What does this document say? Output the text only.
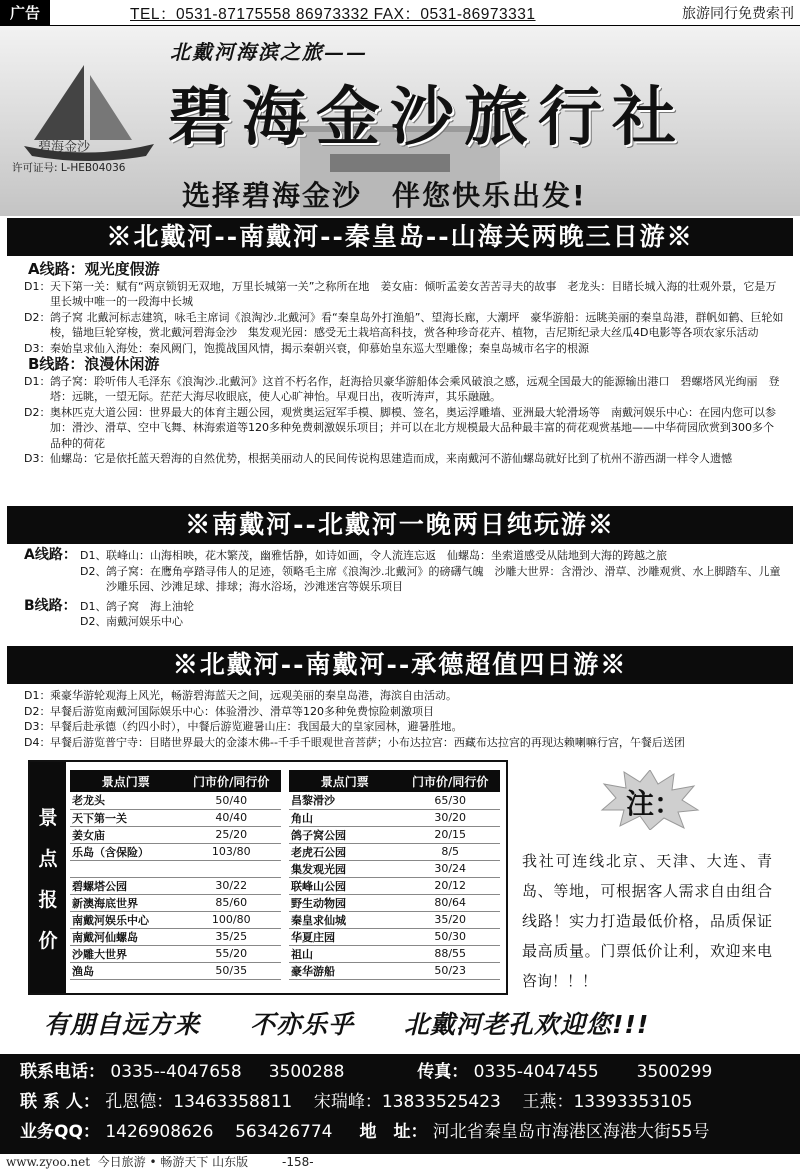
广告	TEL：0531-87175558 86973332 FAX：0531-86973331	旅游同行免费索刊
碧海金沙
许可证号: L-HEB04036
北戴河海滨之旅——
碧海金沙旅行社
选择碧海金沙　伴您快乐出发!
※北戴河--南戴河--秦皇岛--山海关两晚三日游※
A线路：观光度假游
D1： 天下第一关：赋有“两京锁钥无双地，万里长城第一关”之称所在地　姜女庙：倾听孟姜女苦苦寻夫的故事　老龙头：目睹长城入海的壮观外景，它是万里长城中唯一的一段海中长城
D2： 鸽子窝 北戴河标志建筑，咏毛主席词《浪淘沙.北戴河》看“秦皇岛外打渔船”、望海长廊，大潮坪　豪华游船：远眺美丽的秦皇岛港，群帆如鹤、巨轮如梭，锚地巨轮穿梭，赏北戴河碧海金沙　集发观光园：感受无土栽培高科技，赏各种珍奇花卉、植物，吉尼斯纪录大丝瓜4D电影等各项农家乐活动
D3： 秦始皇求仙入海处：秦风阙门，饱揽战国风情，揭示秦朝兴衰，仰慕始皇东巡大型雕像；秦皇岛城市名字的根源
B线路：浪漫休闲游
D1： 鸽子窝：聆听伟人毛泽东《浪淘沙.北戴河》这首不朽名作，赶海拾贝豪华游船体会乘风破浪之感，远观全国最大的能源输出港口　碧螺塔风光绚丽　登塔：远眺，一望无际。茫茫大海尽收眼底，使人心旷神怡。早观日出，夜听涛声，其乐融融。
D2： 奥林匹克大道公园：世界最大的体育主题公园，观赏奥运冠军手模、脚模、签名，奥运浮雕墙、亚洲最大轮滑场等　南戴河娱乐中心：在园内您可以参加：滑沙、滑草、空中飞舞、林海索道等120多种免费刺激娱乐项目；并可以在北方规模最大品种最丰富的荷花观赏基地——中华荷园欣赏到300多个品种的荷花
D3： 仙螺岛：它是依托蓝天碧海的自然优势，根据美丽动人的民间传说构思建造而成，来南戴河不游仙螺岛就好比到了杭州不游西湖一样令人遗憾
※南戴河--北戴河一晚两日纯玩游※
A线路： D1、 联峰山：山海相映，花木繁茂，幽雅恬静，如诗如画，令人流连忘返　仙螺岛：坐索道感受从陆地到大海的跨越之旅
D2、 鸽子窝：在鹰角亭踏寻伟人的足迹，领略毛主席《浪淘沙.北戴河》的磅礴气魄　沙雕大世界：含滑沙、滑草、沙雕观赏、水上脚踏车、儿童沙雕乐园、沙滩足球、排球；海水浴场，沙滩迷宫等娱乐项目
B线路： D1、 鸽子窝　海上油轮
D2、 南戴河娱乐中心
※北戴河--南戴河--承德超值四日游※
D1： 乘豪华游轮观海上风光，畅游碧海蓝天之间，远观美丽的秦皇岛港，海滨自由活动。
D2： 早餐后游览南戴河国际娱乐中心：体验滑沙、滑草等120多种免费惊险刺激项目
D3： 早餐后赴承德（约四小时），中餐后游览避暑山庄：我国最大的皇家园林，避暑胜地。
D4： 早餐后游览普宁寺：目睹世界最大的金漆木佛--千手千眼观世音菩萨；小布达拉宫：西藏布达拉宫的再现达赖喇嘛行宫，午餐后送团
景
点
报
价
景点门票	门市价/同行价		景点门票	门市价/同行价
老龙头	50/40		昌黎滑沙	65/30
天下第一关	40/40		角山	30/20
姜女庙	25/20		鸽子窝公园	20/15
乐岛（含保险）	103/80		老虎石公园	8/5
			集发观光园	30/24
碧螺塔公园	30/22		联峰山公园	20/12
新澳海底世界	85/60		野生动物园	80/64
南戴河娱乐中心	100/80		秦皇求仙城	35/20
南戴河仙螺岛	35/25		华夏庄园	50/30
沙雕大世界	55/20		祖山	88/55
渔岛	50/35		豪华游船	50/23
注：
我社可连线北京、天津、大连、青岛、等地，可根据客人需求自由组合线路！实力打造最低价格，品质保证最高质量。门票低价让利，欢迎来电咨询！！！
有朋自远方来 不亦乐乎 北戴河老孔欢迎您!!!
联系电话： 0335--4047658 3500288	传真： 0335-4047455 3500299
联 系 人： 孔恩德：13463358811 宋瑞峰：13833525423 王燕：13393353105
业务QQ： 1426908626 563426774 地　址： 河北省秦皇岛市海港区海港大街55号
www.zyoo.net 今日旅游 • 畅游天下 山东版	-158-
